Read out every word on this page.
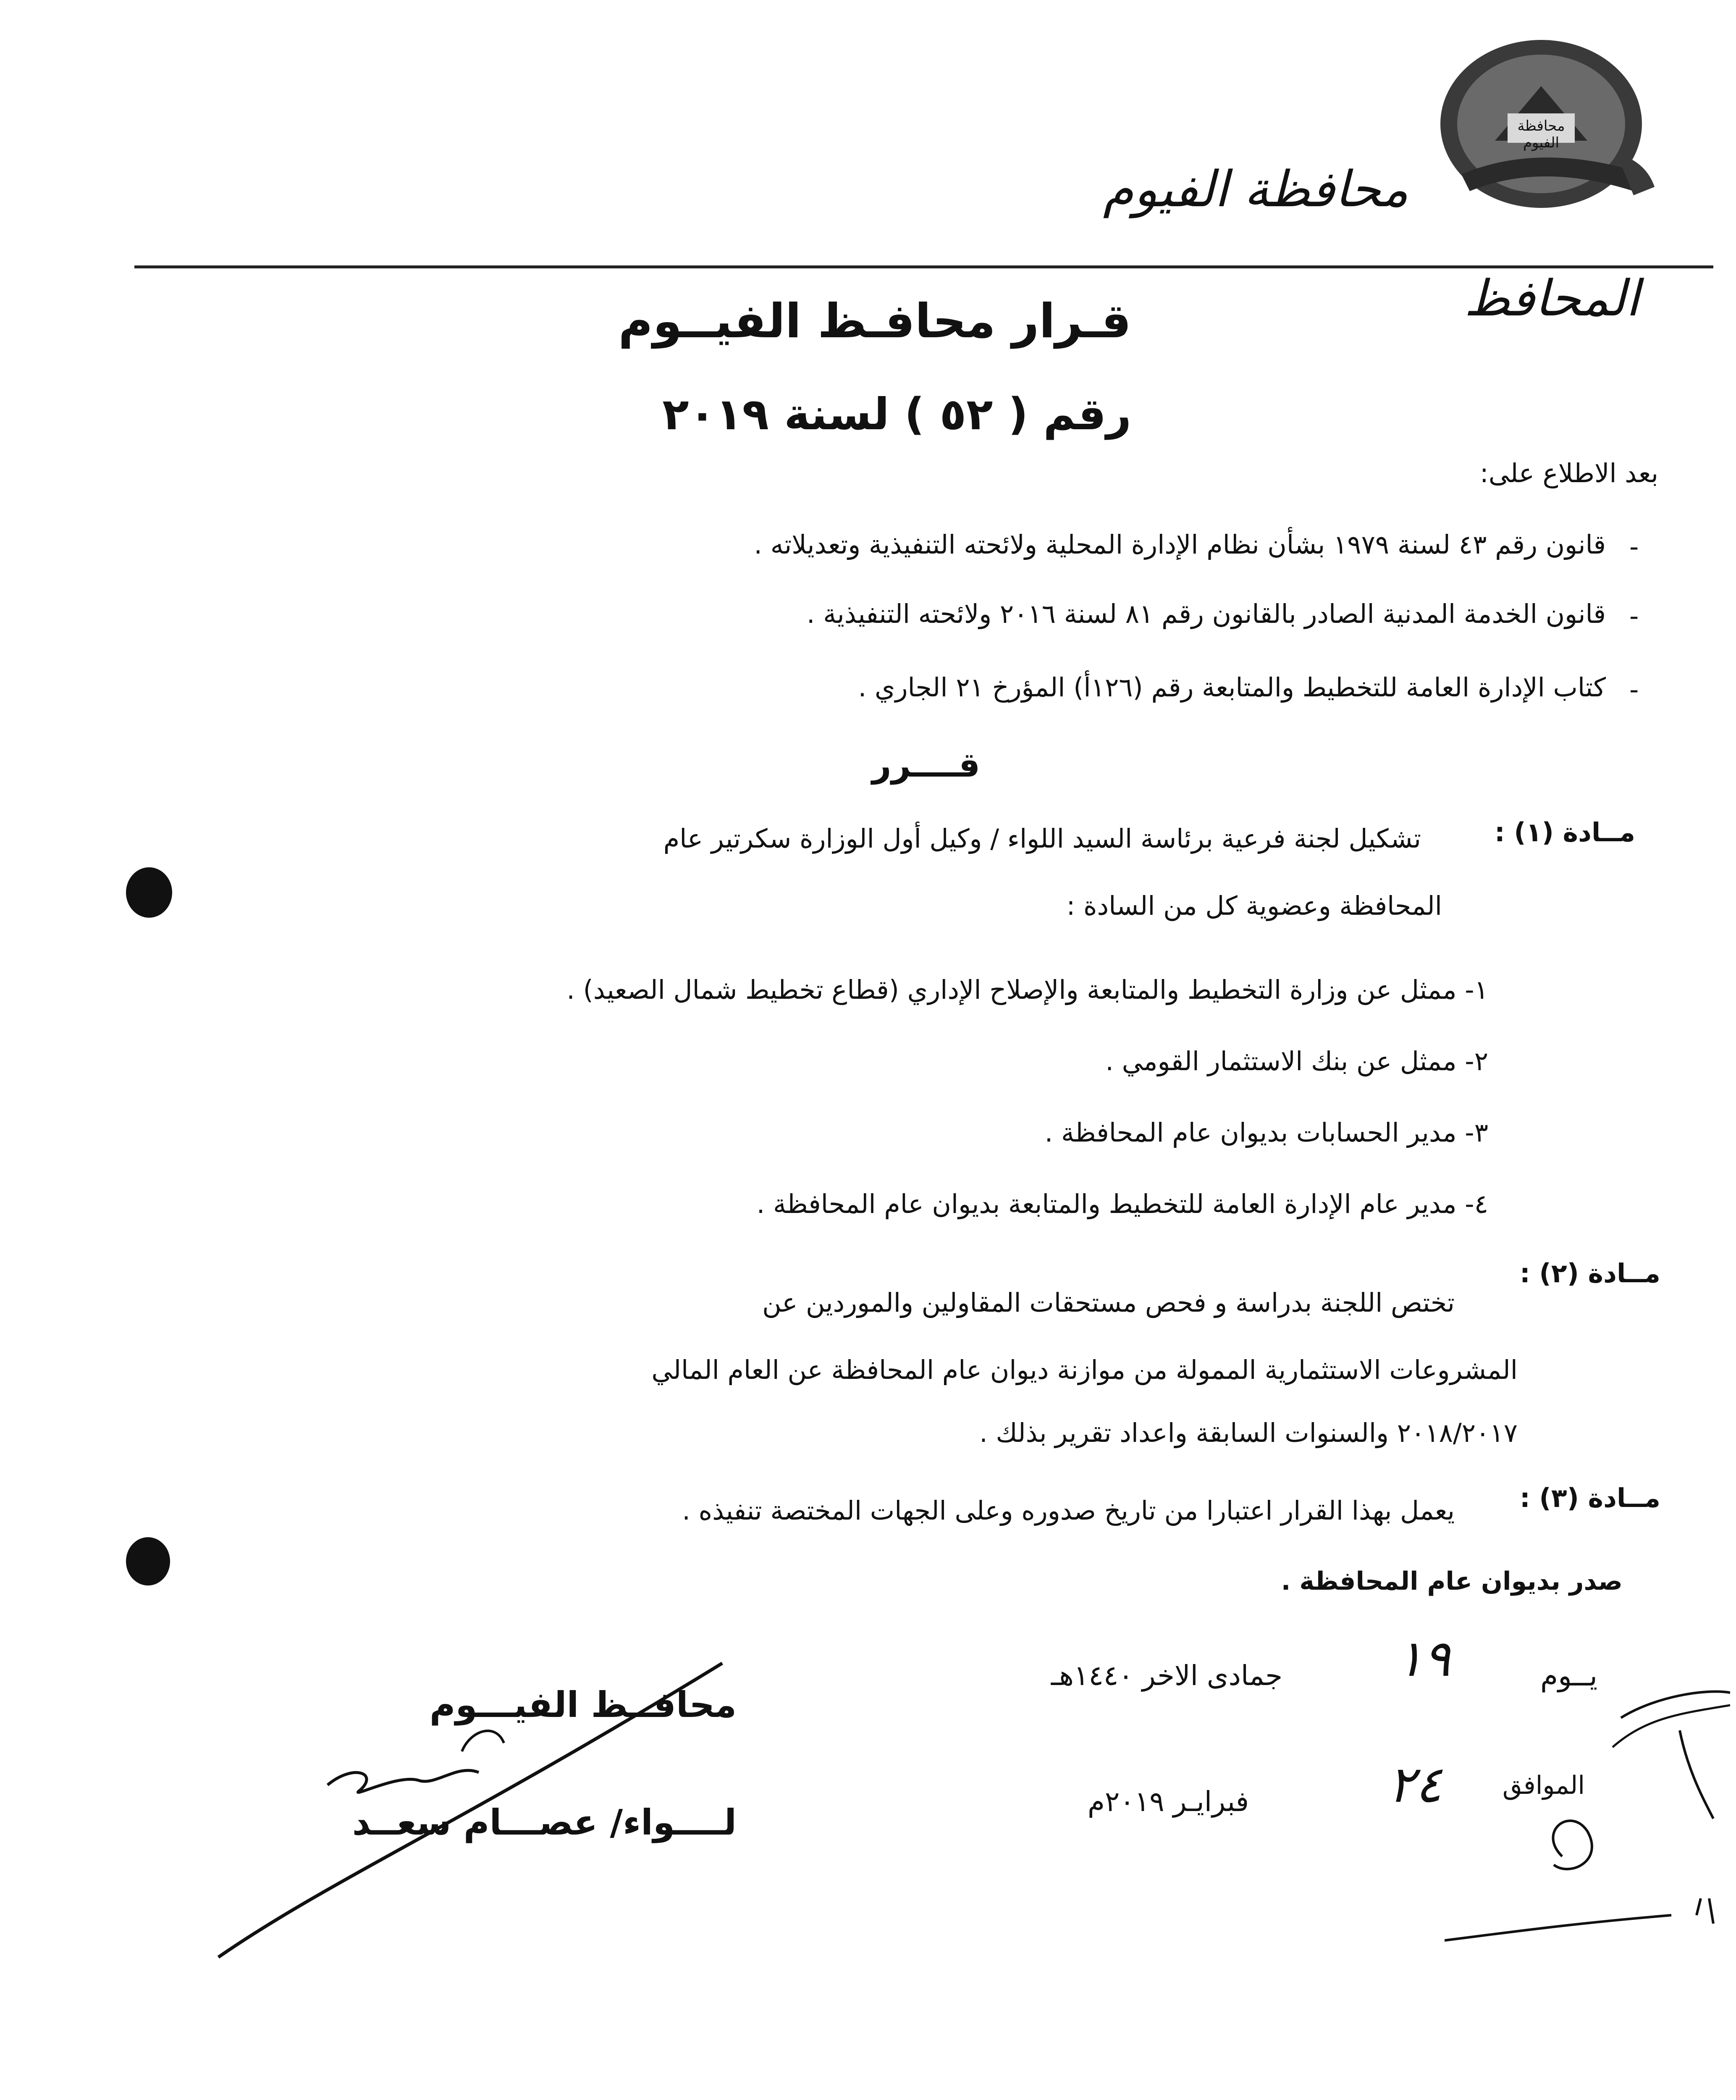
محافظة الفيوم
محافظة الفيوم
المحافظ
قـرار محافـظ الفيــوم
رقم ( ٥٢ ) لسنة ٢٠١٩
بعد الاطلاع على:
-
قانون رقم ٤٣ لسنة ١٩٧٩ بشأن نظام الإدارة المحلية ولائحته التنفيذية وتعديلاته .
-
قانون الخدمة المدنية الصادر بالقانون رقم ٨١ لسنة ٢٠١٦ ولائحته التنفيذية .
-
كتاب الإدارة العامة للتخطيط والمتابعة رقم (١٢٦أ) المؤرخ ٢١ الجاري .
قــــرر
مــادة (١) :
تشكيل لجنة فرعية برئاسة السيد اللواء / وكيل أول الوزارة سكرتير عام
المحافظة وعضوية كل من السادة :
١- ممثل عن وزارة التخطيط والمتابعة والإصلاح الإداري (قطاع تخطيط شمال الصعيد) .
٢- ممثل عن بنك الاستثمار القومي .
٣- مدير الحسابات بديوان عام المحافظة .
٤- مدير عام الإدارة العامة للتخطيط والمتابعة بديوان عام المحافظة .
مــادة (٢) :
تختص اللجنة بدراسة و فحص مستحقات المقاولين والموردين عن
المشروعات الاستثمارية الممولة من موازنة ديوان عام المحافظة عن العام المالي
٢٠١٨/٢٠١٧ والسنوات السابقة واعداد تقرير بذلك .
مــادة (٣) :
يعمل بهذا القرار اعتبارا من تاريخ صدوره وعلى الجهات المختصة تنفيذه .
صدر بديوان عام المحافظة .
يــوم
١٩
جمادى الاخر ١٤٤٠هـ
الموافق
٢٤
فبرايـر ٢٠١٩م
محافــظ الفيـــوم
لــــواء/ عصـــام سعــد
